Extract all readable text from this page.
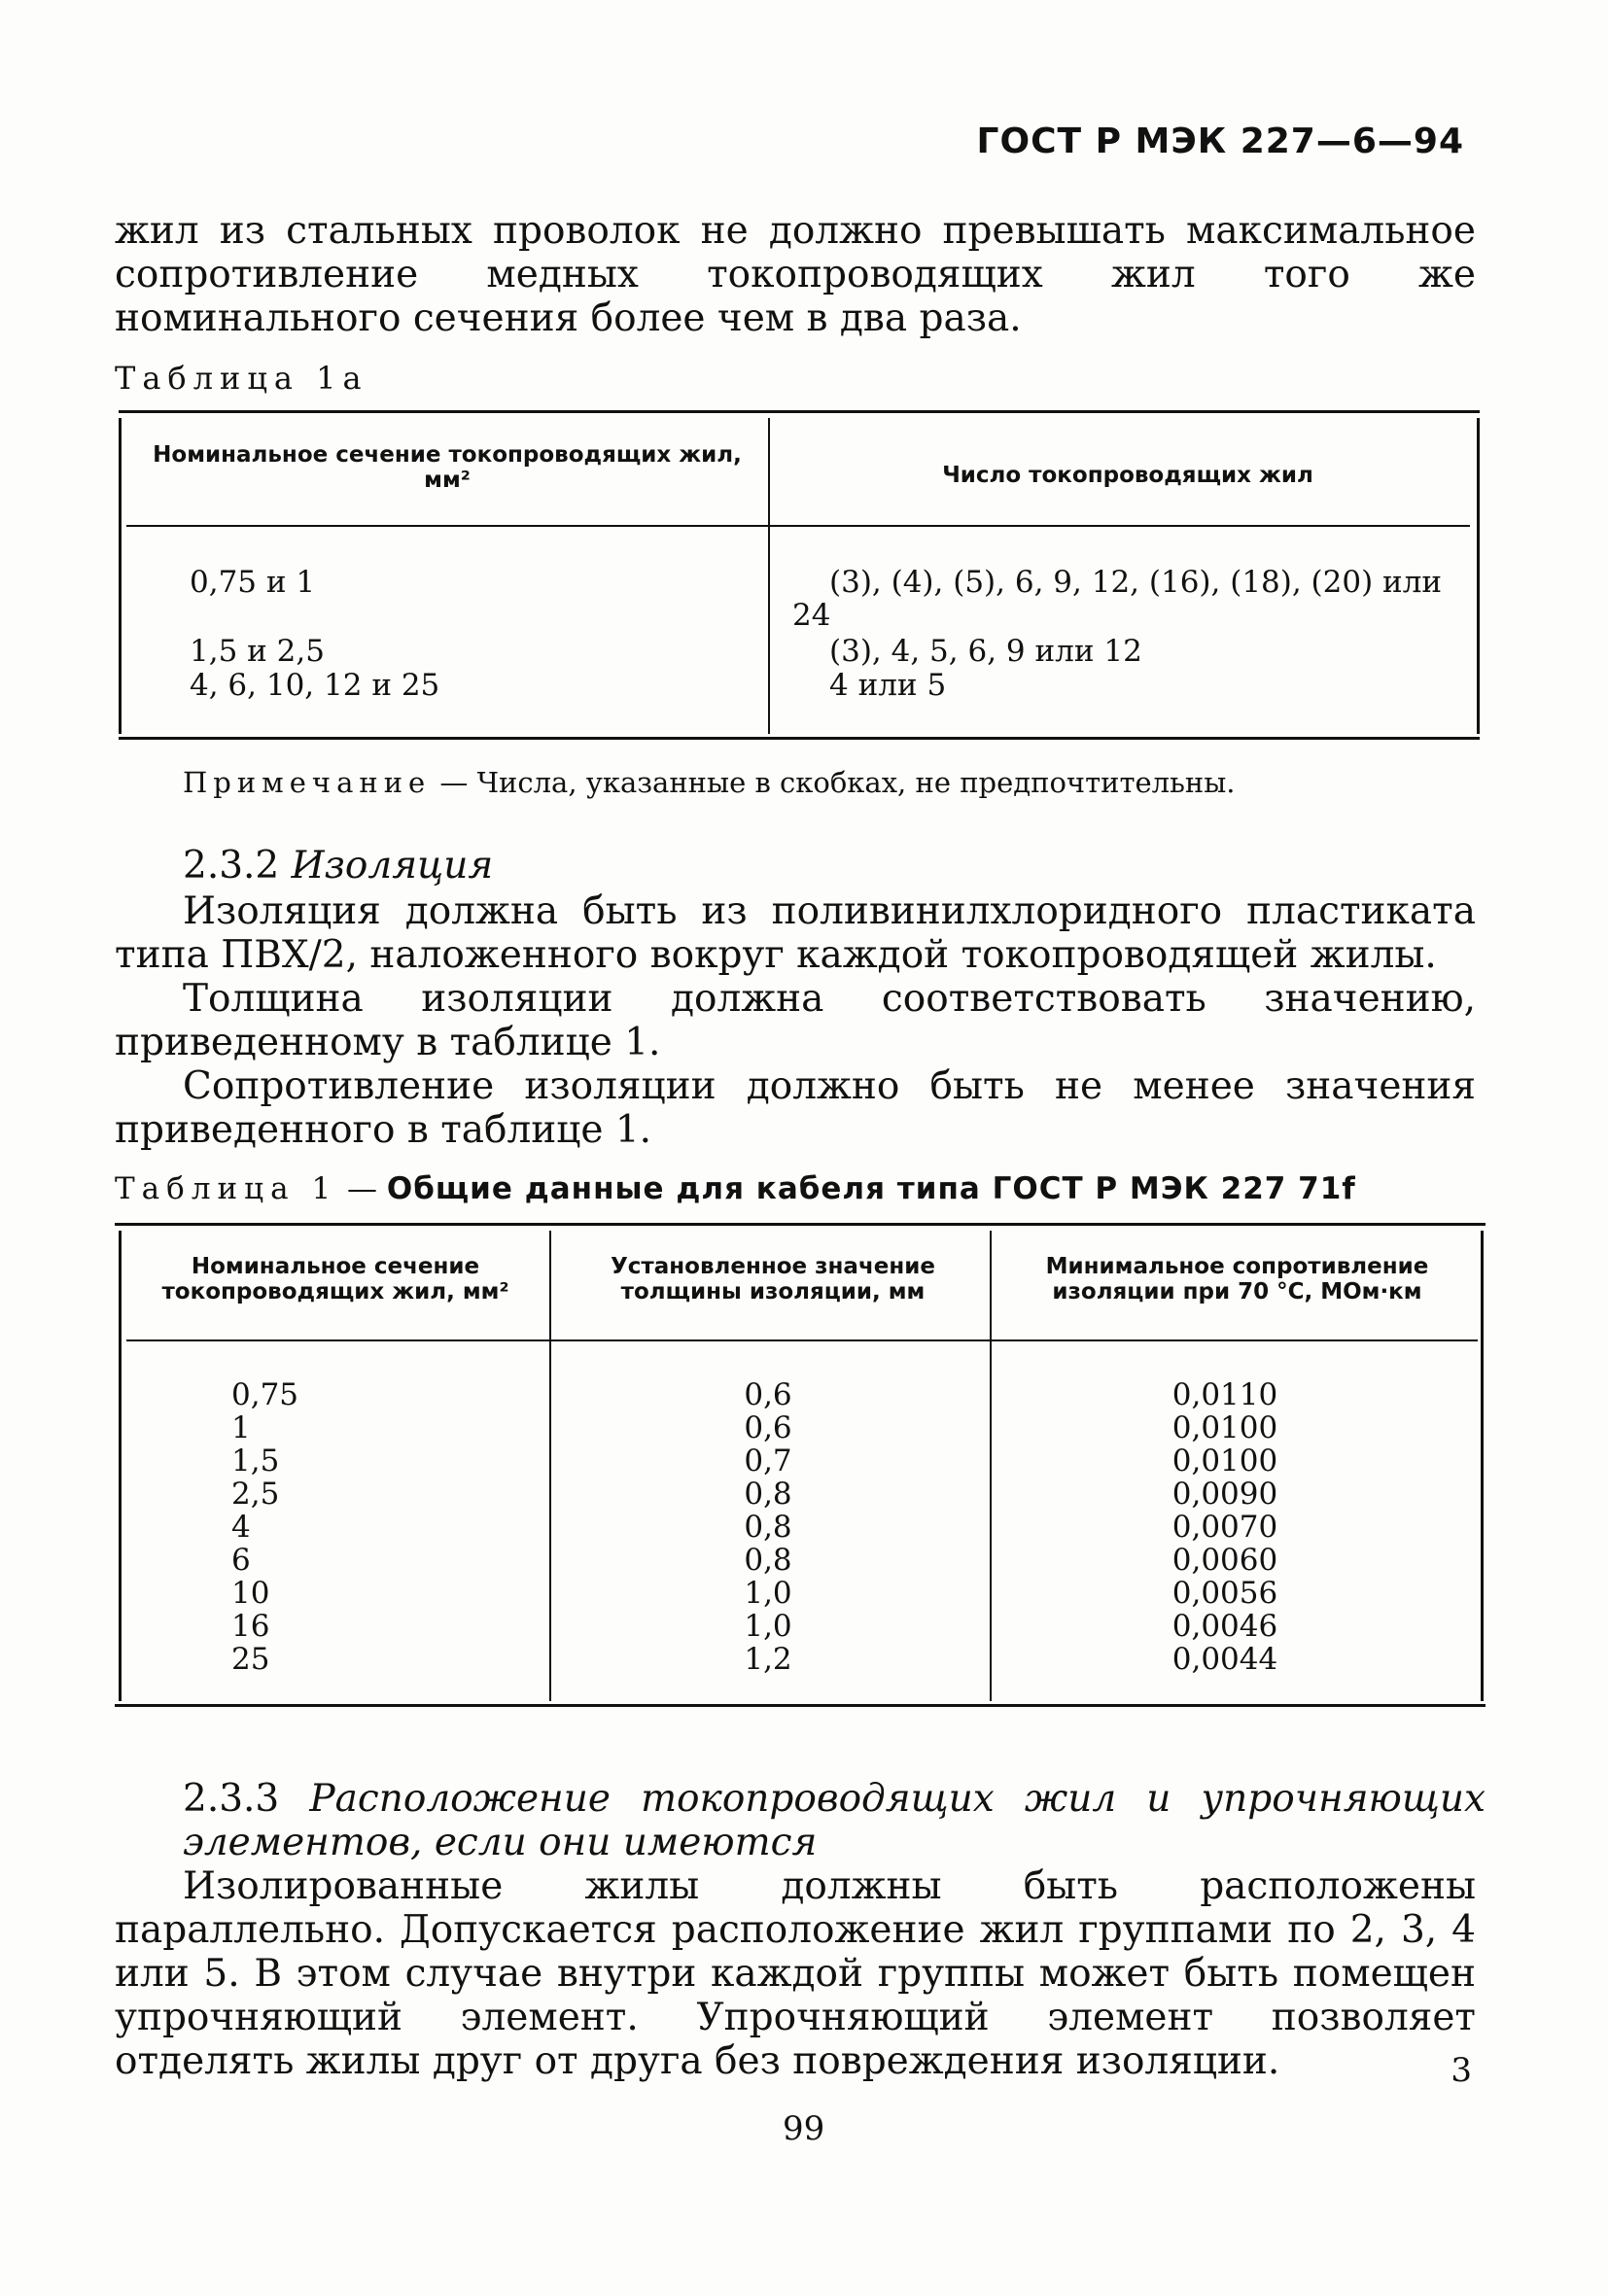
ГОСТ Р МЭК 227—6—94
жил из стальных проволок не должно превышать максимальное сопротивление медных токопроводящих жил того же номинального сечения более чем в два раза.
Таблица 1а
Номинальное сечение токопроводящих жил, мм²	Число токопроводящих жил
0,75 и 1
1,5 и 2,5
4, 6, 10, 12 и 25
(3), (4), (5), 6, 9, 12, (16), (18), (20) или 24
(3), 4, 5, 6, 9 или 12
4 или 5
Примечание — Числа, указанные в скобках, не предпочтительны.
2.3.2 Изоляция
Изоляция должна быть из поливинилхлоридного пластиката типа ПВХ/2, наложенного вокруг каждой токопроводящей жилы.
Толщина изоляции должна соответствовать значению, приведенному в таблице 1.
Сопротивление изоляции должно быть не менее значения приведенного в таблице 1.
Таблица 1 — Общие данные для кабеля типа ГОСТ Р МЭК 227 71f
Номинальное сечение токопроводящих жил, мм²
Установленное значение толщины изоляции, мм
Минимальное сопротивление изоляции при 70 °С, МОм·км
0,75
1
1,5
2,5
4
6
10
16
25
0,6
0,6
0,7
0,8
0,8
0,8
1,0
1,0
1,2
0,0110
0,0100
0,0100
0,0090
0,0070
0,0060
0,0056
0,0046
0,0044
2.3.3 Расположение токопроводящих жил и упрочняющих элементов, если они имеются
Изолированные жилы должны быть расположены параллельно. Допускается расположение жил группами по 2, 3, 4 или 5. В этом случае внутри каждой группы может быть помещен упрочняющий элемент. Упрочняющий элемент позволяет отделять жилы друг от друга без повреждения изоляции.	3
99
